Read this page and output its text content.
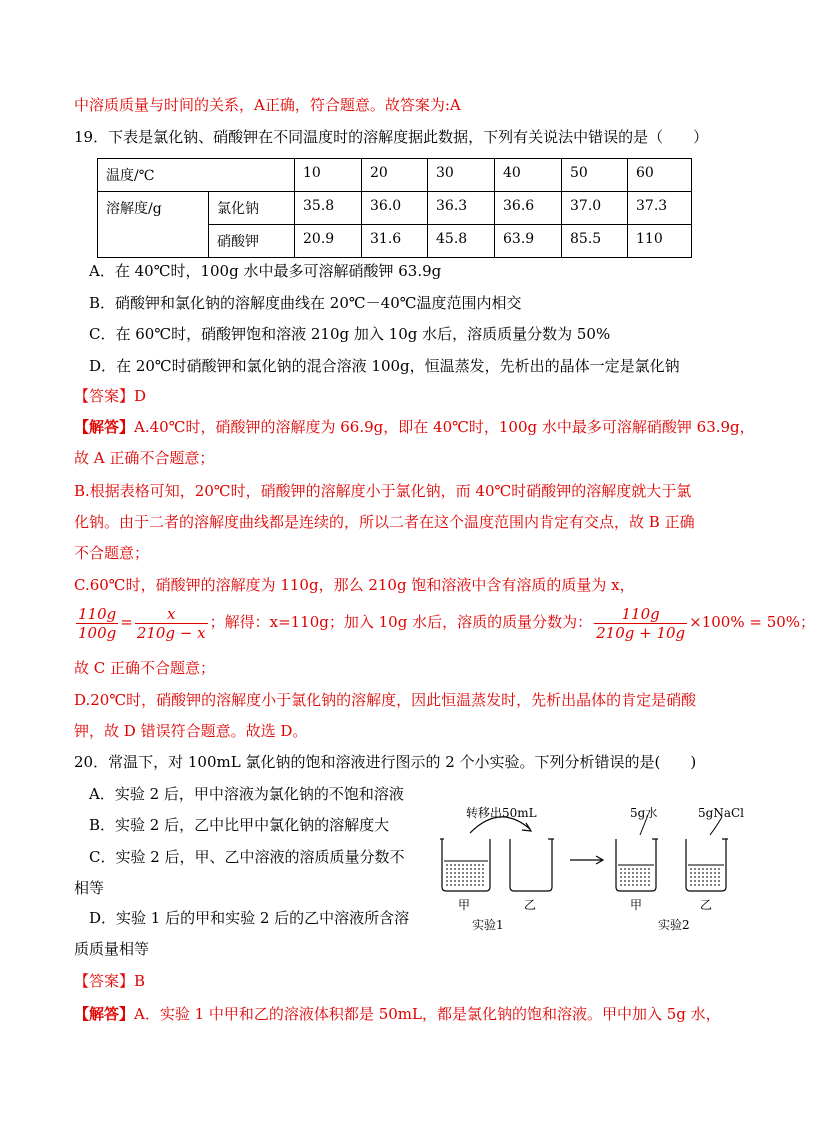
中溶质质量与时间的关系，A正确，符合题意。故答案为:A
19．下表是氯化钠、硝酸钾在不同温度时的溶解度据此数据，下列有关说法中错误的是（　　）
温度/℃		10	20	30	40	50	60
溶解度/g	氯化钠	35.8	36.0	36.3	36.6	37.0	37.3
	硝酸钾	20.9	31.6	45.8	63.9	85.5	110
A．在 40℃时，100g 水中最多可溶解硝酸钾 63.9g
B．硝酸钾和氯化钠的溶解度曲线在 20℃－40℃温度范围内相交
C．在 60℃时，硝酸钾饱和溶液 210g 加入 10g 水后，溶质质量分数为 50%
D．在 20℃时硝酸钾和氯化钠的混合溶液 100g，恒温蒸发，先析出的晶体一定是氯化钠
【答案】D
【解答】A.40℃时，硝酸钾的溶解度为 66.9g，即在 40℃时，100g 水中最多可溶解硝酸钾 63.9g，
故 A 正确不合题意；
B.根据表格可知，20℃时，硝酸钾的溶解度小于氯化钠，而 40℃时硝酸钾的溶解度就大于氯
化钠。由于二者的溶解度曲线都是连续的，所以二者在这个温度范围内肯定有交点，故 B 正确
不合题意；
C.60℃时，硝酸钾的溶解度为 110g，那么 210g 饱和溶液中含有溶质的质量为 x，
$\frac{110g}{100g} = \frac{x}{210g - x}$ ；解得：x=110g；加入 10g 水后，溶质的质量分数为： $\frac{110g}{210g + 10g} \times 100\% = 50\%$；
故 C 正确不合题意；
D.20℃时，硝酸钾的溶解度小于氯化钠的溶解度，因此恒温蒸发时，先析出晶体的肯定是硝酸
钾，故 D 错误符合题意。故选 D。
20．常温下，对 100mL 氯化钠的饱和溶液进行图示的 2 个小实验。下列分析错误的是(　　)
A．实验 2 后，甲中溶液为氯化钠的不饱和溶液
B．实验 2 后，乙中比甲中氯化钠的溶解度大
C．实验 2 后，甲、乙中溶液的溶质质量分数不
相等
D．实验 1 后的甲和实验 2 后的乙中溶液所含溶
质质量相等
【答案】B
【解答】A．实验 1 中甲和乙的溶液体积都是 50mL，都是氯化钠的饱和溶液。甲中加入 5g 水，
转移出50mL
甲	乙
实验1
5g水	5gNaCl
甲	乙
实验2
